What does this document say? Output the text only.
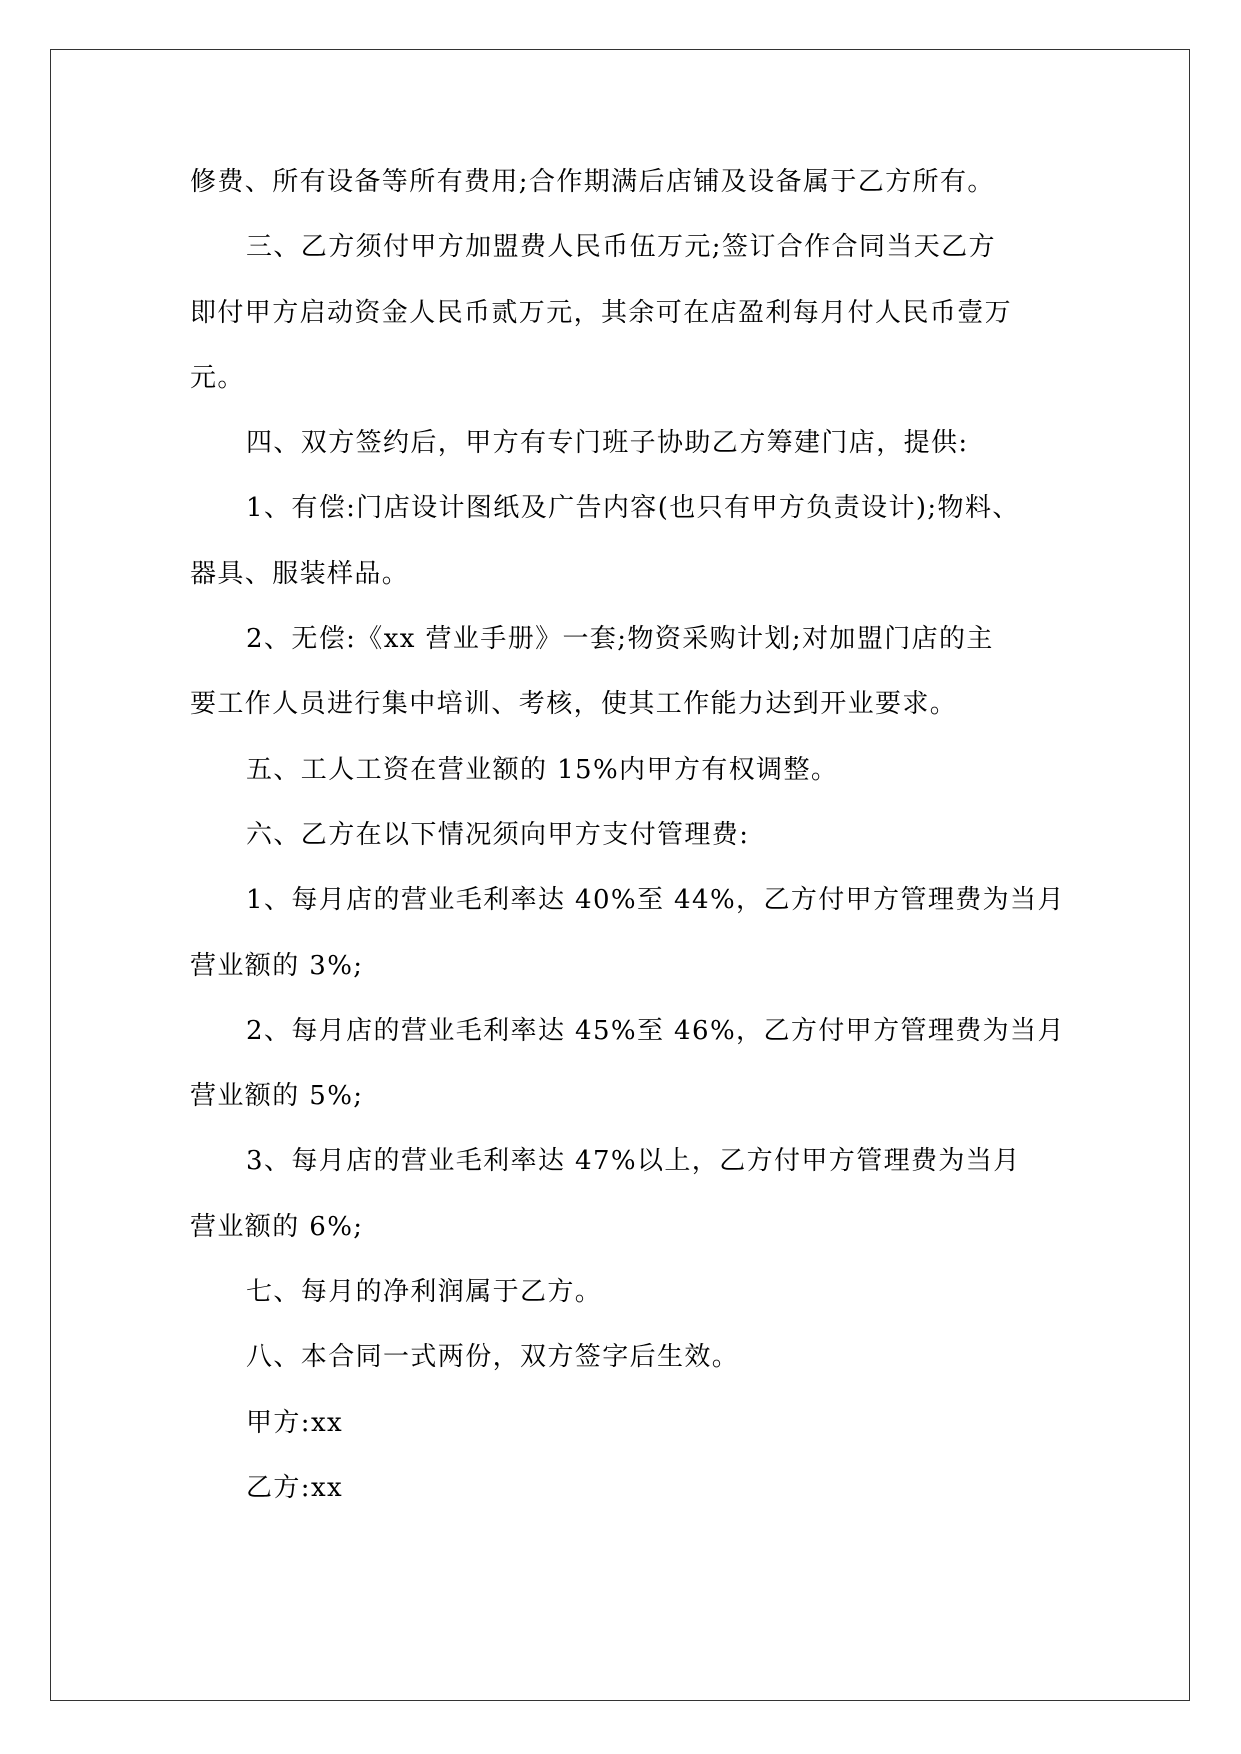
修费、所有设备等所有费用;合作期满后店铺及设备属于乙方所有。
三、乙方须付甲方加盟费人民币伍万元;签订合作合同当天乙方
即付甲方启动资金人民币贰万元，其余可在店盈利每月付人民币壹万
元。
四、双方签约后，甲方有专门班子协助乙方筹建门店，提供:
1、有偿:门店设计图纸及广告内容(也只有甲方负责设计);物料、
器具、服装样品。
2、无偿:《xx 营业手册》一套;物资采购计划;对加盟门店的主
要工作人员进行集中培训、考核，使其工作能力达到开业要求。
五、工人工资在营业额的 15%内甲方有权调整。
六、乙方在以下情况须向甲方支付管理费:
1、每月店的营业毛利率达 40%至 44%，乙方付甲方管理费为当月
营业额的 3%;
2、每月店的营业毛利率达 45%至 46%，乙方付甲方管理费为当月
营业额的 5%;
3、每月店的营业毛利率达 47%以上，乙方付甲方管理费为当月
营业额的 6%;
七、每月的净利润属于乙方。
八、本合同一式两份，双方签字后生效。
甲方:xx
乙方:xx
